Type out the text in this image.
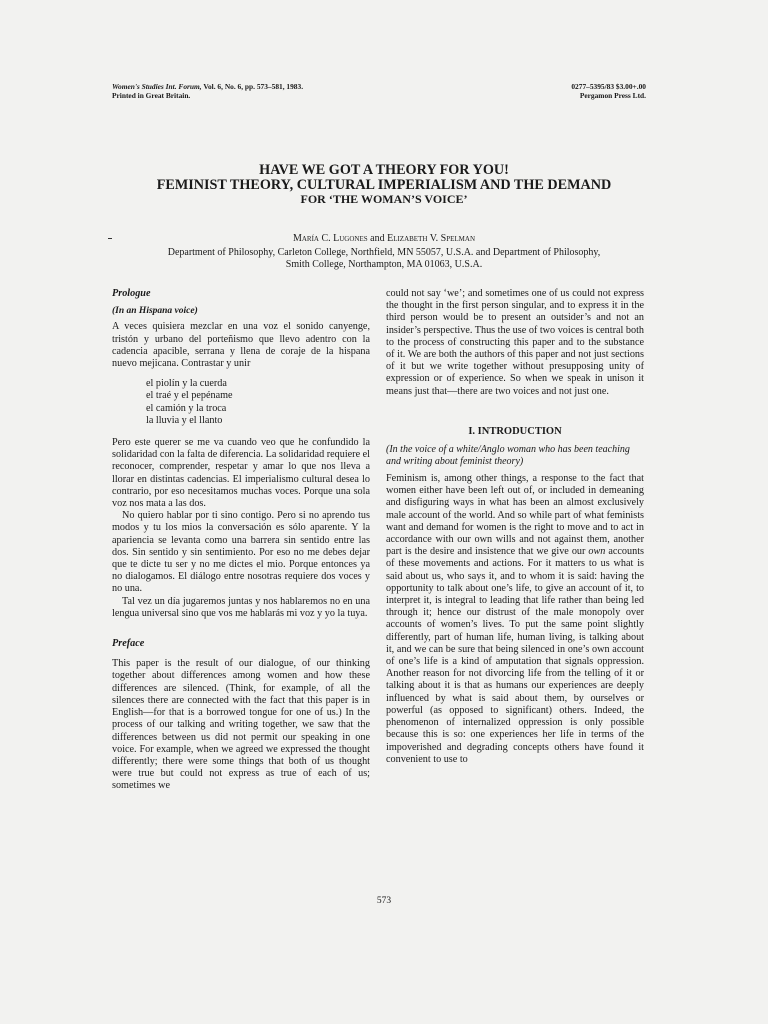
Women's Studies Int. Forum, Vol. 6, No. 6, pp. 573–581, 1983.
Printed in Great Britain.
0277–5395/83 $3.00+.00
Pergamon Press Ltd.
HAVE WE GOT A THEORY FOR YOU!
FEMINIST THEORY, CULTURAL IMPERIALISM AND THE DEMAND
FOR ‘THE WOMAN’S VOICE’
María C. Lugones and Elizabeth V. Spelman
Department of Philosophy, Carleton College, Northfield, MN 55057, U.S.A. and Department of Philosophy,
Smith College, Northampton, MA 01063, U.S.A.

Prologue

(In an Hispana voice)

A veces quisiera mezclar en una voz el sonido canyenge, tristón y urbano del porteñismo que llevo adentro con la cadencia apacible, serrana y llena de coraje de la hispana nuevo mejicana. Contrastar y unir

el piolín y la cuerda

el traé y el pepéname

el camión y la troca

la lluvia y el llanto

Pero este querer se me va cuando veo que he confundido la solidaridad con la falta de diferencia. La solidaridad requiere el reconocer, comprender, respetar y amar lo que nos lleva a llorar en distintas cadencias. El imperialismo cultural desea lo contrario, por eso necesitamos muchas voces. Porque una sola voz nos mata a las dos.

No quiero hablar por ti sino contigo. Pero si no aprendo tus modos y tu los mios la conversación es sólo aparente. Y la apariencia se levanta como una barrera sin sentido entre las dos. Sin sentido y sin sentimiento. Por eso no me debes dejar que te dicte tu ser y no me dictes el mio. Porque entonces ya no dialogamos. El diálogo entre nosotras requiere dos voces y no una.

Tal vez un día jugaremos juntas y nos hablaremos no en una lengua universal sino que vos me hablarás mi voz y yo la tuya.

Preface

This paper is the result of our dialogue, of our thinking together about differences among women and how these differences are silenced. (Think, for example, of all the silences there are connected with the fact that this paper is in English—for that is a borrowed tongue for one of us.) In the process of our talking and writing together, we saw that the differences between us did not permit our speaking in one voice. For example, when we agreed we expressed the thought differently; there were some things that both of us thought were true but could not express as true of each of us; sometimes we

could not say ‘we’; and sometimes one of us could not express the thought in the first person singular, and to express it in the third person would be to present an outsider’s and not an insider’s perspective. Thus the use of two voices is central both to the process of constructing this paper and to the substance of it. We are both the authors of this paper and not just sections of it but we write together without presupposing unity of expression or of experience. So when we speak in unison it means just that—there are two voices and not just one.

I. INTRODUCTION

(In the voice of a white/Anglo woman who has been teaching and writing about feminist theory)

Feminism is, among other things, a response to the fact that women either have been left out of, or included in demeaning and disfiguring ways in what has been an almost exclusively male account of the world. And so while part of what feminists want and demand for women is the right to move and to act in accordance with our own wills and not against them, another part is the desire and insistence that we give our own accounts of these movements and actions. For it matters to us what is said about us, who says it, and to whom it is said: having the opportunity to talk about one’s life, to give an account of it, to interpret it, is integral to leading that life rather than being led through it; hence our distrust of the male monopoly over accounts of women’s lives. To put the same point slightly differently, part of human life, human living, is talking about it, and we can be sure that being silenced in one’s own account of one’s life is a kind of amputation that signals oppression. Another reason for not divorcing life from the telling of it or talking about it is that as humans our experiences are deeply influenced by what is said about them, by ourselves or powerful (as opposed to significant) others. Indeed, the phenomenon of internalized oppression is only possible because this is so: one experiences her life in terms of the impoverished and degrading concepts others have found it convenient to use to

573
